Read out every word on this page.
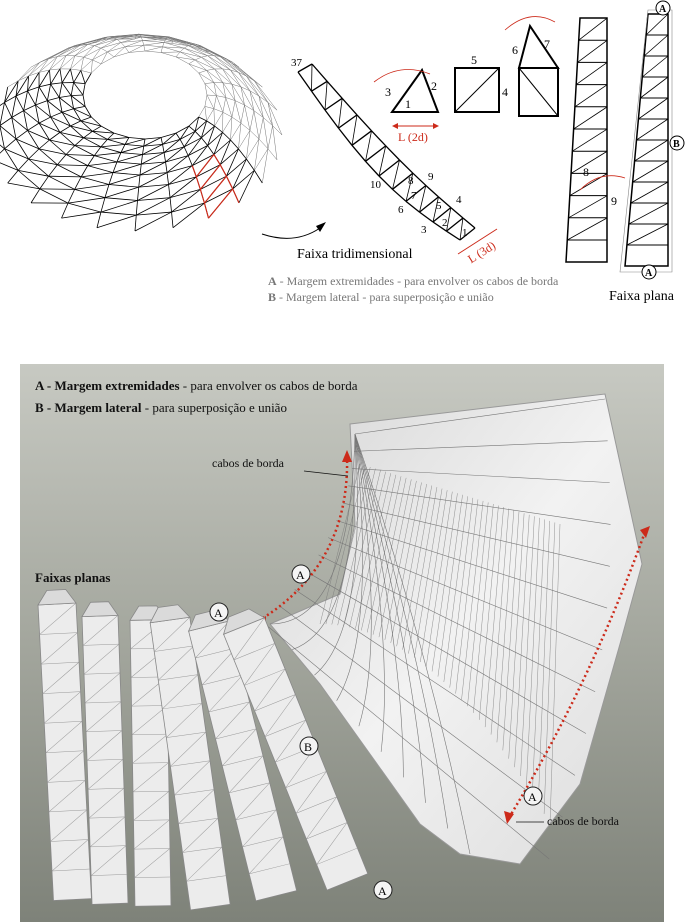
37
10
9
8
7
6	5 4
3
2
1
1
2
3
5
4
6 7
8
9
L (2d)
L (3d)
A
B
A
Faixa tridimensional
Faixa plana
A - Margem extremidades - para envolver os cabos de borda
B - Margem lateral - para superposição e união
A - Margem extremidades - para envolver os cabos de borda
B - Margem lateral - para superposição e união
cabos de borda
cabos de borda
Faixas planas	A
A
B
A
A
